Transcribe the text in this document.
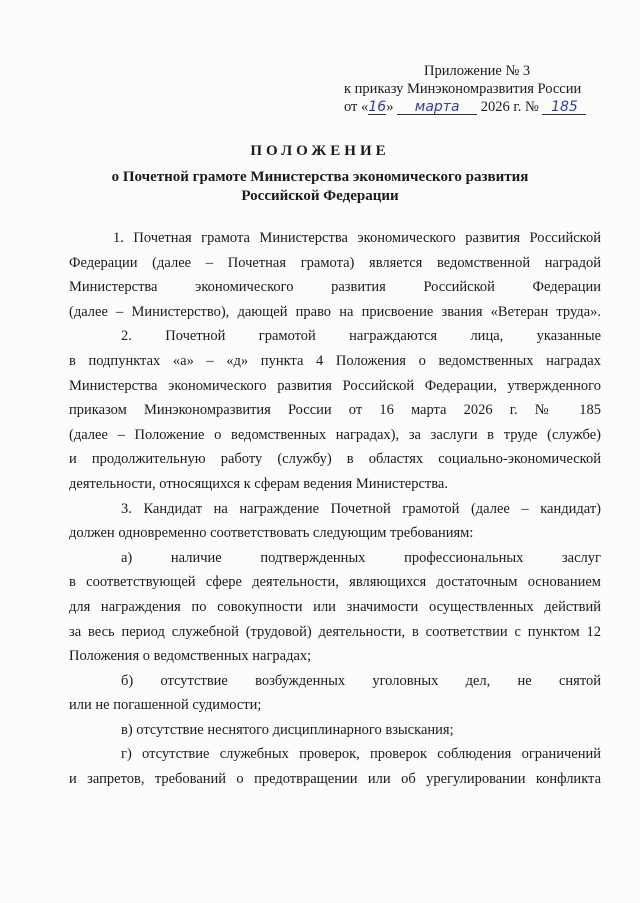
Приложение № 3
к приказу Минэкономразвития России
от «16» марта 2026 г. № 185
ПОЛОЖЕНИЕ
о Почетной грамоте Министерства экономического развития
Российской Федерации
1. Почетная грамота Министерства экономического развития Российской
Федерации (далее – Почетная грамота) является ведомственной наградой
Министерства экономического развития Российской Федерации
(далее – Министерство), дающей право на присвоение звания «Ветеран труда».
2. Почетной грамотой награждаются лица, указанные
в подпунктах «а» – «д» пункта 4 Положения о ведомственных наградах
Министерства экономического развития Российской Федерации, утвержденного
приказом Минэкономразвития России от 16 марта 2026 г. № 185
(далее – Положение о ведомственных наградах), за заслуги в труде (службе)
и продолжительную работу (службу) в областях социально-экономической
деятельности, относящихся к сферам ведения Министерства.
3. Кандидат на награждение Почетной грамотой (далее – кандидат)
должен одновременно соответствовать следующим требованиям:
а) наличие подтвержденных профессиональных заслуг
в соответствующей сфере деятельности, являющихся достаточным основанием
для награждения по совокупности или значимости осуществленных действий
за весь период служебной (трудовой) деятельности, в соответствии с пунктом 12
Положения о ведомственных наградах;
б) отсутствие возбужденных уголовных дел, не снятой
или не погашенной судимости;
в) отсутствие неснятого дисциплинарного взыскания;
г) отсутствие служебных проверок, проверок соблюдения ограничений
и запретов, требований о предотвращении или об урегулировании конфликта
